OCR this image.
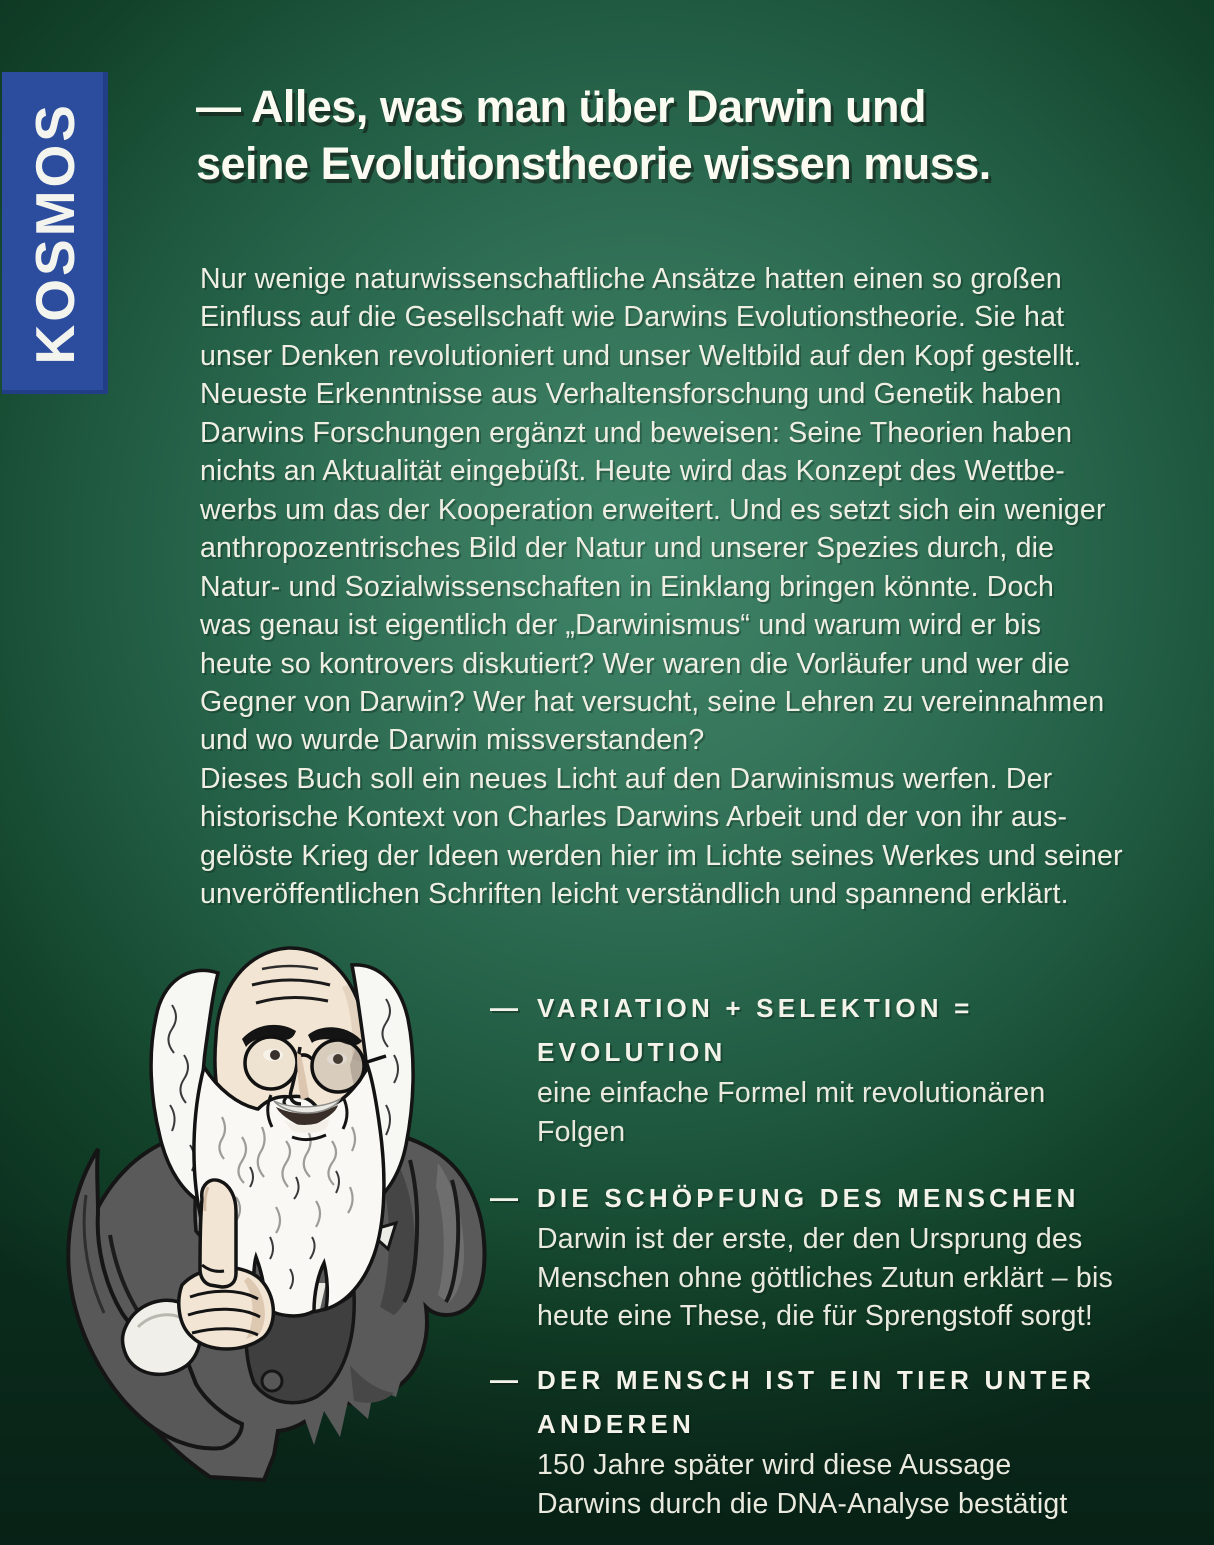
KOSMOS — Alles, was man über Darwin und
seine Evolutionstheorie wissen muss.
Nur wenige naturwissenschaftliche Ansätze hatten einen so großen
Einfluss auf die Gesellschaft wie Darwins Evolutionstheorie. Sie hat
unser Denken revolutioniert und unser Weltbild auf den Kopf gestellt.
Neueste Erkenntnisse aus Verhaltensforschung und Genetik haben
Darwins Forschungen ergänzt und beweisen: Seine Theorien haben
nichts an Aktualität eingebüßt. Heute wird das Konzept des Wettbe-
werbs um das der Kooperation erweitert. Und es setzt sich ein weniger
anthropozentrisches Bild der Natur und unserer Spezies durch, die
Natur- und Sozialwissenschaften in Einklang bringen könnte. Doch
was genau ist eigentlich der „Darwinismus“ und warum wird er bis
heute so kontrovers diskutiert? Wer waren die Vorläufer und wer die
Gegner von Darwin? Wer hat versucht, seine Lehren zu vereinnahmen
und wo wurde Darwin missverstanden?
Dieses Buch soll ein neues Licht auf den Darwinismus werfen. Der
historische Kontext von Charles Darwins Arbeit und der von ihr aus-
gelöste Krieg der Ideen werden hier im Lichte seines Werkes und seiner
unveröffentlichen Schriften leicht verständlich und spannend erklärt.
— VARIATION + SELEKTION =
EVOLUTION
eine einfache Formel mit revolutionären
Folgen
— DIE SCHÖPFUNG DES MENSCHEN
Darwin ist der erste, der den Ursprung des
Menschen ohne göttliches Zutun erklärt – bis
heute eine These, die für Sprengstoff sorgt!
— DER MENSCH IST EIN TIER UNTER
ANDEREN
150 Jahre später wird diese Aussage
Darwins durch die DNA-Analyse bestätigt
